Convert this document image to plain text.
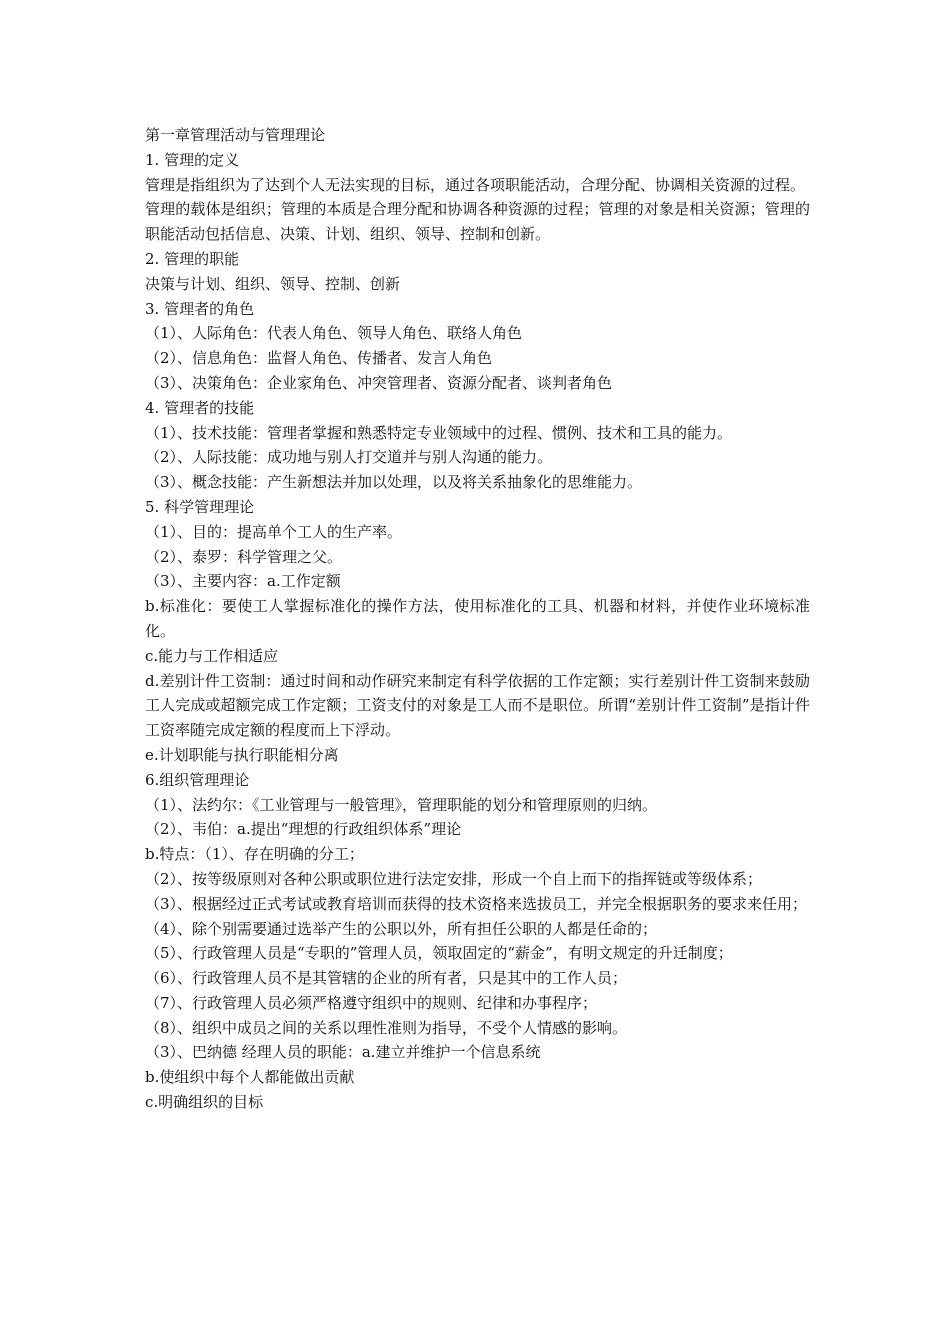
第一章管理活动与管理理论
1. 管理的定义
管理是指组织为了达到个人无法实现的目标，通过各项职能活动，合理分配、协调相关资源的过程。
管理的载体是组织；管理的本质是合理分配和协调各种资源的过程；管理的对象是相关资源；管理的职能活动包括信息、决策、计划、组织、领导、控制和创新。
2. 管理的职能
决策与计划、组织、领导、控制、创新
3. 管理者的角色
（1）、人际角色：代表人角色、领导人角色、联络人角色
（2）、信息角色：监督人角色、传播者、发言人角色
（3）、决策角色：企业家角色、冲突管理者、资源分配者、谈判者角色
4. 管理者的技能
（1）、技术技能：管理者掌握和熟悉特定专业领域中的过程、惯例、技术和工具的能力。
（2）、人际技能：成功地与别人打交道并与别人沟通的能力。
（3）、概念技能：产生新想法并加以处理，以及将关系抽象化的思维能力。
5. 科学管理理论
（1）、目的：提高单个工人的生产率。
（2）、泰罗：科学管理之父。
（3）、主要内容：a.工作定额
b.标准化：要使工人掌握标准化的操作方法，使用标准化的工具、机器和材料，并使作业环境标准化。
c.能力与工作相适应
d.差别计件工资制：通过时间和动作研究来制定有科学依据的工作定额；实行差别计件工资制来鼓励工人完成或超额完成工作定额；工资支付的对象是工人而不是职位。所谓“差别计件工资制”是指计件工资率随完成定额的程度而上下浮动。
e.计划职能与执行职能相分离
6.组织管理理论
（1）、法约尔：《工业管理与一般管理》，管理职能的划分和管理原则的归纳。
（2）、韦伯：a.提出“理想的行政组织体系”理论
b.特点：（1）、存在明确的分工；
（2）、按等级原则对各种公职或职位进行法定安排，形成一个自上而下的指挥链或等级体系；
（3）、根据经过正式考试或教育培训而获得的技术资格来选拔员工，并完全根据职务的要求来任用；
（4）、除个别需要通过选举产生的公职以外，所有担任公职的人都是任命的；
（5）、行政管理人员是“专职的”管理人员，领取固定的“薪金”，有明文规定的升迁制度；
（6）、行政管理人员不是其管辖的企业的所有者，只是其中的工作人员；
（7）、行政管理人员必须严格遵守组织中的规则、纪律和办事程序；
（8）、组织中成员之间的关系以理性准则为指导，不受个人情感的影响。
（3）、巴纳德 经理人员的职能：a.建立并维护一个信息系统
b.使组织中每个人都能做出贡献
c.明确组织的目标
